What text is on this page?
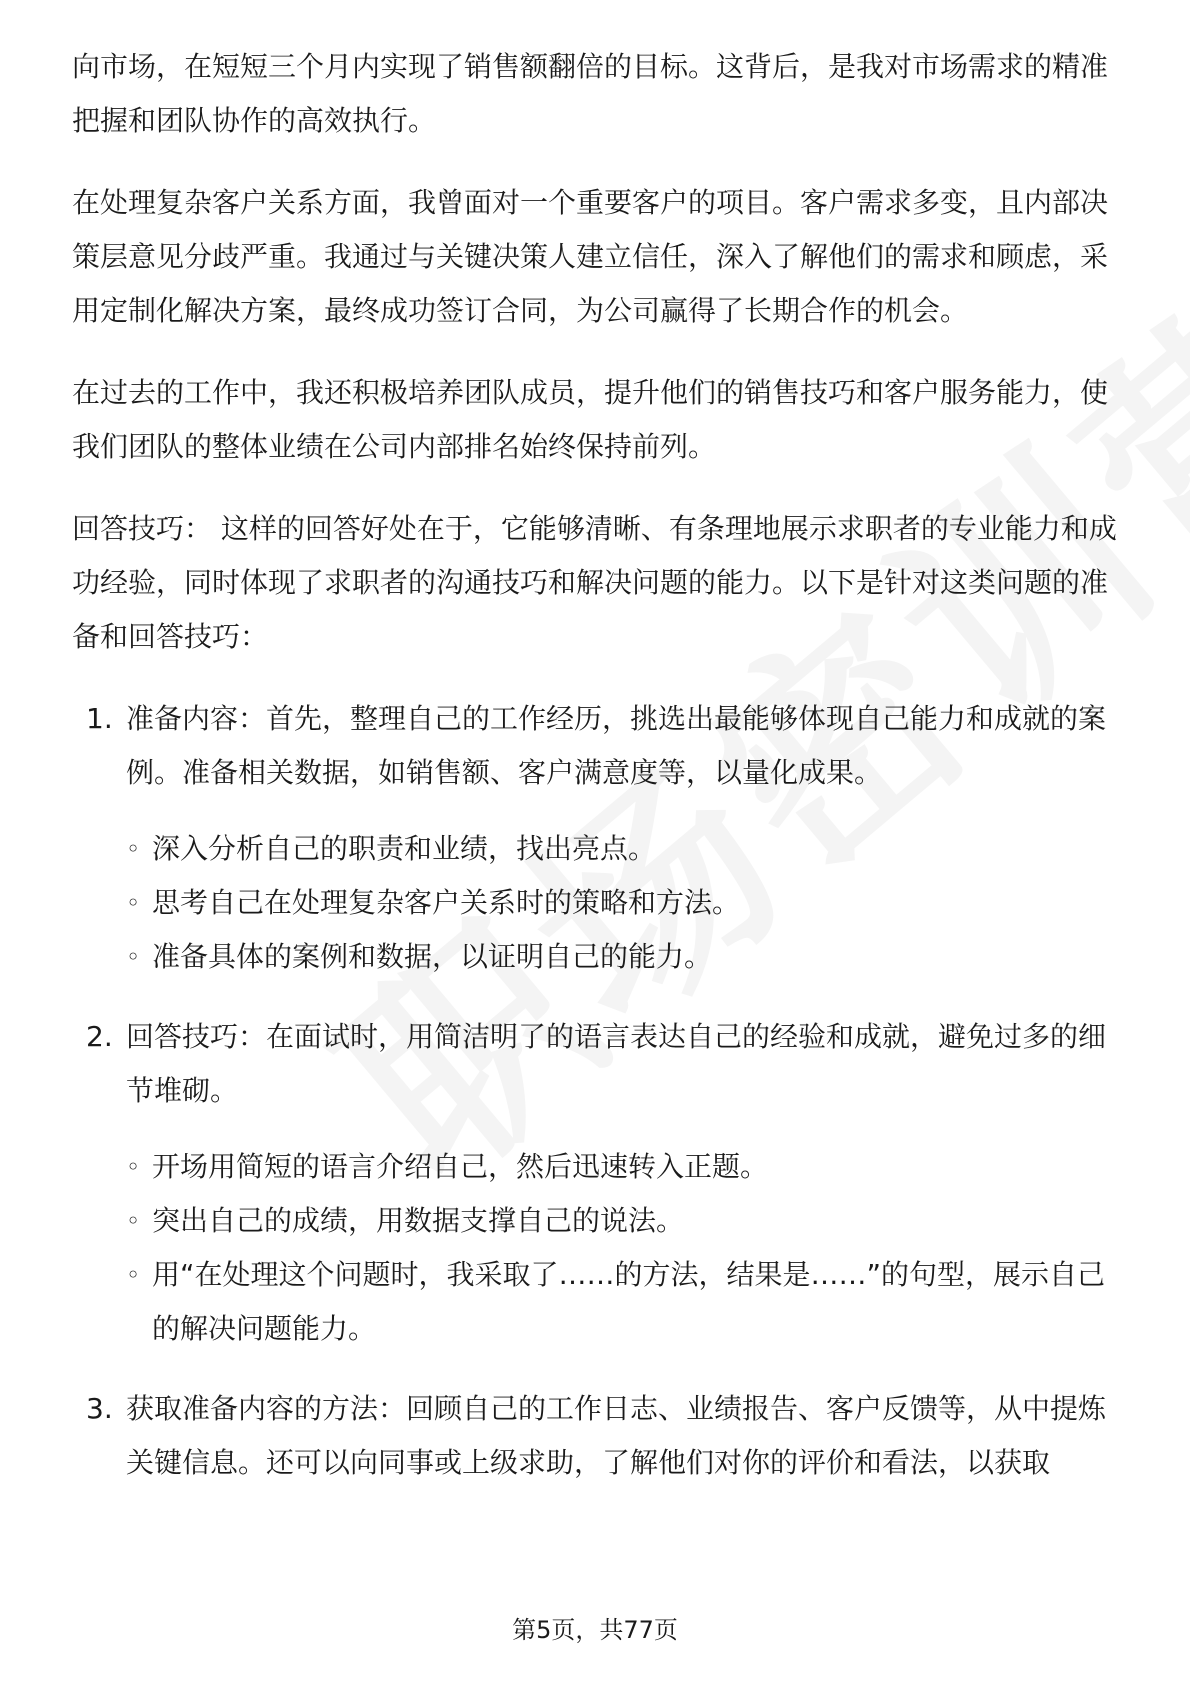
向市场，在短短三个月内实现了销售额翻倍的目标。这背后，是我对市场需求的精准把握和团队协作的高效执行。

在处理复杂客户关系方面，我曾面对一个重要客户的项目。客户需求多变，且内部决策层意见分歧严重。我通过与关键决策人建立信任，深入了解他们的需求和顾虑，采用定制化解决方案，最终成功签订合同，为公司赢得了长期合作的机会。

在过去的工作中，我还积极培养团队成员，提升他们的销售技巧和客户服务能力，使我们团队的整体业绩在公司内部排名始终保持前列。

回答技巧： 这样的回答好处在于，它能够清晰、有条理地展示求职者的专业能力和成功经验，同时体现了求职者的沟通技巧和解决问题的能力。以下是针对这类问题的准备和回答技巧：

1. 准备内容：首先，整理自己的工作经历，挑选出最能够体现自己能力和成就的案例。准备相关数据，如销售额、客户满意度等，以量化成果。
◦ 深入分析自己的职责和业绩，找出亮点。
◦ 思考自己在处理复杂客户关系时的策略和方法。
◦ 准备具体的案例和数据，以证明自己的能力。
2. 回答技巧：在面试时，用简洁明了的语言表达自己的经验和成就，避免过多的细节堆砌。
◦ 开场用简短的语言介绍自己，然后迅速转入正题。
◦ 突出自己的成绩，用数据支撑自己的说法。
◦ 用“在处理这个问题时，我采取了……的方法，结果是……”的句型，展示自己的解决问题能力。
3. 获取准备内容的方法：回顾自己的工作日志、业绩报告、客户反馈等，从中提炼关键信息。还可以向同事或上级求助，了解他们对你的评价和看法，以获取
第5页，共77页
